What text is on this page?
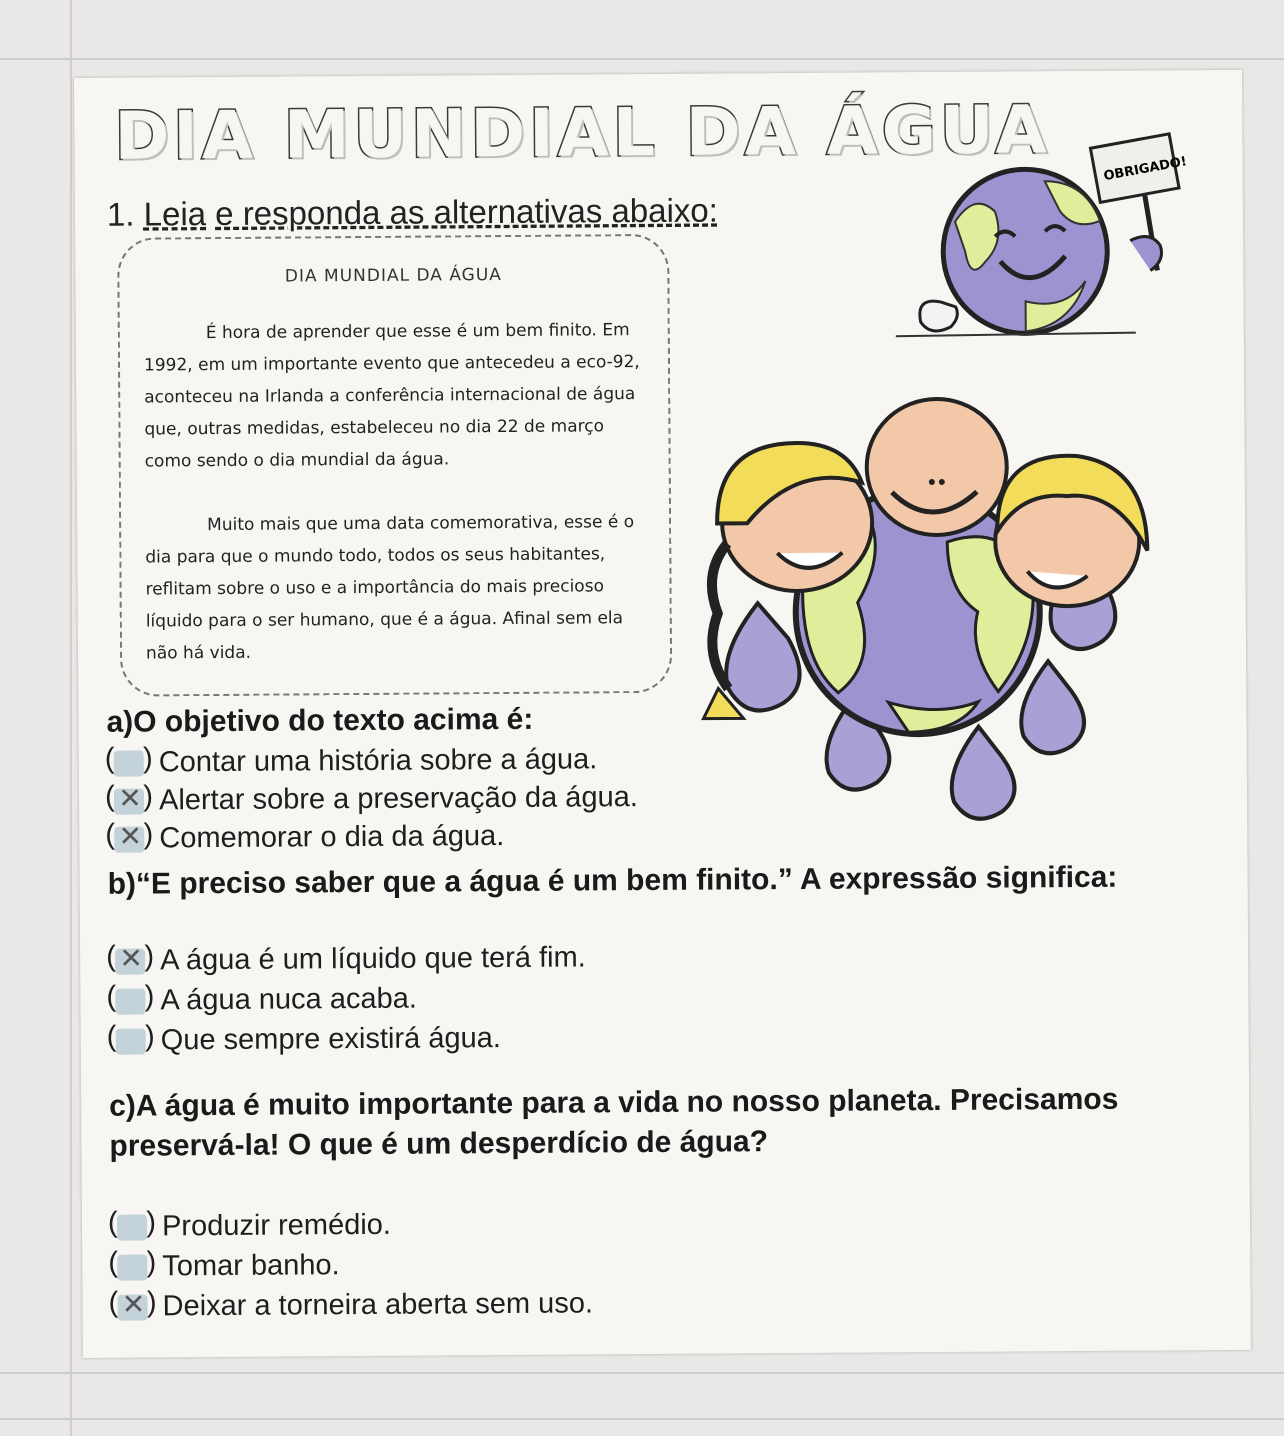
DIA MUNDIAL DA ÁGUA
1. Leia e responda as alternativas abaixo:
DIA MUNDIAL DA ÁGUA
É hora de aprender que esse é um bem finito. Em 1992, em um importante evento que antecedeu a eco-92, aconteceu na Irlanda a conferência internacional de água que, outras medidas, estabeleceu no dia 22 de março como sendo o dia mundial da água.
Muito mais que uma data comemorativa, esse é o dia para que o mundo todo, todos os seus habitantes, reflitam sobre o uso e a importância do mais precioso líquido para o ser humano, que é a água. Afinal sem ela não há vida.
OBRIGADO!
a)O objetivo do texto acima é:
(
)
Contar uma história sobre a água.
( ✕
) Alertar sobre a preservação da água.
( ✕
) Comemorar o dia da água.
b)“E preciso saber que a água é um bem finito.” A expressão significa:
( ✕
) A água é um líquido que terá fim.
(
)
A água nuca acaba.
(
)
Que sempre existirá água.
c)A água é muito importante para a vida no nosso planeta. Precisamos
preservá-la! O que é um desperdício de água?
(
)
Produzir remédio.
(
)
Tomar banho.
( ✕
) Deixar a torneira aberta sem uso.
